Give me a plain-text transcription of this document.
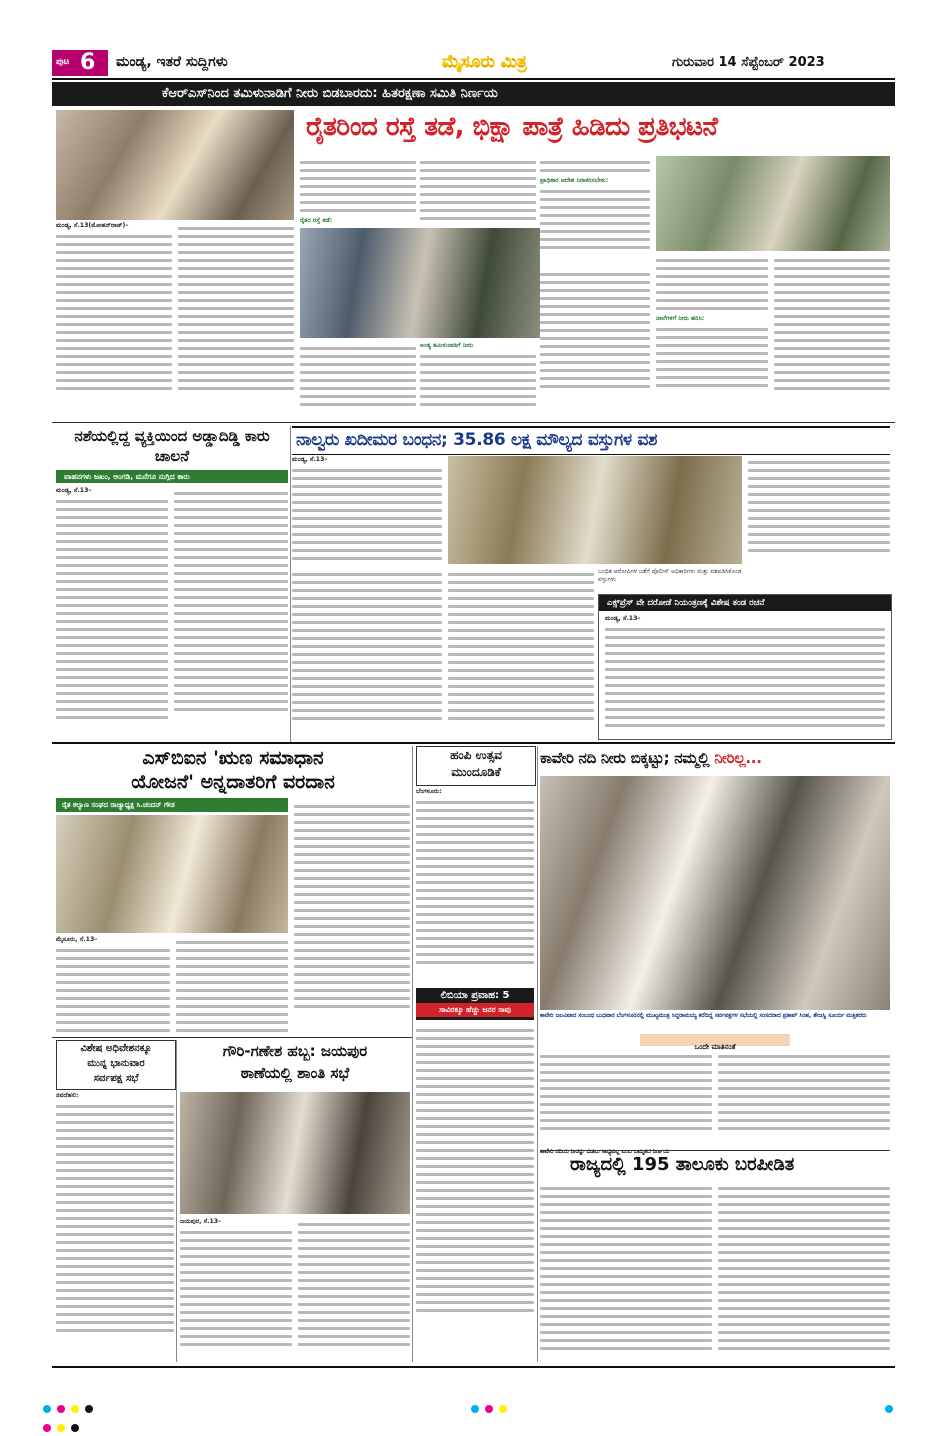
ಪುಟ 6 ಮಂಡ್ಯ, ಇತರೆ ಸುದ್ದಿಗಳು	ಮೈಸೂರು ಮಿತ್ರ	ಗುರುವಾರ 14 ಸೆಪ್ಟೆಂಬರ್ 2023
ಕೆಆರ್‌ಎಸ್‌ನಿಂದ ತಮಿಳುನಾಡಿಗೆ ನೀರು ಬಿಡಬಾರದು: ಹಿತರಕ್ಷಣಾ ಸಮಿತಿ ನಿರ್ಣಯ
ರೈತರಿಂದ ರಸ್ತೆ ತಡೆ, ಭಿಕ್ಷಾ ಪಾತ್ರೆ ಹಿಡಿದು ಪ್ರತಿಭಟನೆ
ಮಂಡ್ಯ, ಸೆ.13(ಮೋಹನ್‌ರಾಜ್)–
ರೈತರ ರಸ್ತೆ ತಡೆ:
ಪ್ರಾಧಿಕಾರ ಆದೇಶ ನಿರಾಕರಿಸಬೇಕು:
ಅಂತ್ಯ ತಮಿಳುನಾಡಿಗೆ ನೀರು
ನಾಲೆಗಳಿಗೆ ನೀರು ಹರಿಸಿ:
ನಶೆಯಲ್ಲಿದ್ದ ವ್ಯಕ್ತಿಯಿಂದ ಅಡ್ಡಾದಿಡ್ಡಿ ಕಾರು ಚಾಲನೆ
ವಾಹನಗಳು ಜಖಂ, ಅಂಗಡಿ, ಮನೆಗೂ ನುಗ್ಗಿದ ಕಾರು
ಮಂಡ್ಯ, ಸೆ.13–
ನಾಲ್ವರು ಖದೀಮರ ಬಂಧನ; 35.86 ಲಕ್ಷ ಮೌಲ್ಯದ ವಸ್ತುಗಳ ವಶ
ಮಂಡ್ಯ, ಸೆ.13–
ಬಂಧಿತ ಆರೋಪಿಗಳ ಜತೆಗೆ ಪೊಲೀಸ್ ಅಧಿಕಾರಿಗಳು ಮತ್ತು ವಶಪಡಿಸಿಕೊಂಡ ವಸ್ತುಗಳು
ಎಕ್ಸ್‌ಪ್ರೆಸ್ ವೇ ದರೋಡೆ ನಿಯಂತ್ರಣಕ್ಕೆ ವಿಶೇಷ ತಂಡ ರಚನೆ
ಮಂಡ್ಯ, ಸೆ.13–
ಎಸ್‌ಬಿಐನ 'ಋಣ ಸಮಾಧಾನ
ಯೋಜನೆ' ಅನ್ನದಾತರಿಗೆ ವರದಾನ
ರೈತ ಕಲ್ಯಾಣ ಸಂಘದ ರಾಜ್ಯಾಧ್ಯಕ್ಷ ಸಿ.ಚಂದನ್ ಗೌಡ
ಮೈಸೂರು, ಸೆ.13–
ಹಂಪಿ ಉತ್ಸವ
ಮುಂದೂಡಿಕೆ
ಬೆಂಗಳೂರು:
ಲಿಬಿಯಾ ಪ್ರವಾಹ: 5
ಸಾವಿರಕ್ಕೂ ಹೆಚ್ಚು ಜನರ ಸಾವು
ಕಾವೇರಿ ನದಿ ನೀರು ಬಿಕ್ಕಟ್ಟು; ನಮ್ಮಲ್ಲಿ ನೀರಿಲ್ಲ...
ಕಾವೇರಿ ಜಲವಿವಾದ ಸಂಬಂಧ ಬುಧವಾರ ಬೆಂಗಳೂರಿನಲ್ಲಿ ಮುಖ್ಯಮಂತ್ರಿ ಸಿದ್ದರಾಮಯ್ಯ ಕರೆದಿದ್ದ ಸರ್ವಪಕ್ಷಗಳ ಸಭೆಯಲ್ಲಿ ಸಂಸದರಾದ ಪ್ರತಾಪ್ ಸಿಂಹ, ತೇಜಸ್ವಿ ಸೂರ್ಯ ಮತ್ತಿತರರು
ಒಂದೇ ಮಾತಿನಂತೆ
ಕಾವೇರಿ ನದಿಯ ನೀರನ್ನು ಬಿಡಲು ಸಾಧ್ಯವಿಲ್ಲ ಎಂಬ ಒಮ್ಮತದ ನಿರ್ಣಯ
ರಾಜ್ಯದಲ್ಲಿ 195 ತಾಲೂಕು ಬರಪೀಡಿತ
ವಿಶೇಷ ಅಧಿವೇಶನಕ್ಕೂ
ಮುನ್ನ ಭಾನುವಾರ
ಸರ್ವಪಕ್ಷ ಸಭೆ
ನವದೆಹಲಿ:
ಗೌರಿ-ಗಣೇಶ ಹಬ್ಬ: ಜಯಪುರ
ಠಾಣೆಯಲ್ಲಿ ಶಾಂತಿ ಸಭೆ
ಜಯಪುರ, ಸೆ.13–
